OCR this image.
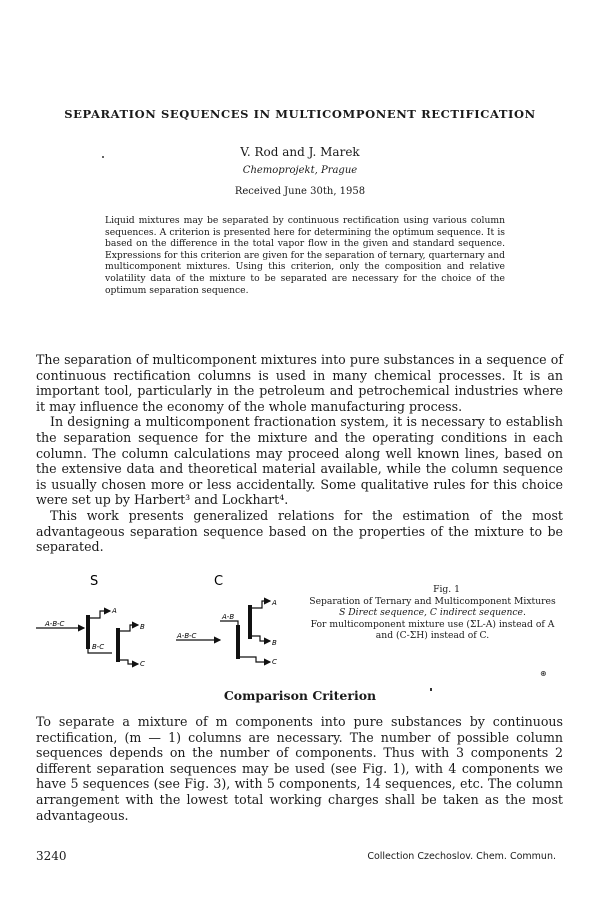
SEPARATION SEQUENCES IN MULTICOMPONENT RECTIFICATION
V. Rod and J. Marek
Chemoprojekt, Prague
Received June 30th, 1958
Liquid mixtures may be separated by continuous rectification using various column sequences. A criterion is presented here for determining the optimum sequence. It is based on the difference in the total vapor flow in the given and standard sequence. Expressions for this criterion are given for the separation of ternary, quarternary and multicomponent mixtures. Using this criterion, only the composition and relative volatility data of the mixture to be separated are necessary for the choice of the optimum separation sequence.

The separation of multicomponent mixtures into pure substances in a sequence of continuous rectification columns is used in many chemical processes. It is an important tool, particularly in the petroleum and petrochemical industries where it may influence the economy of the whole manufacturing process.

In designing a multicomponent fractionation system, it is necessary to establish the separation sequence for the mixture and the operating conditions in each column. The column calculations may proceed along well known lines, based on the extensive data and theoretical material available, while the column sequence is usually chosen more or less accidentally. Some qualitative rules for this choice were set up by Harbert³ and Lockhart⁴.

This work presents generalized relations for the estimation of the most advantageous separation sequence based on the properties of the mixture to be separated.

S
A-B-C
A
B-C
B
C
C
A-B-C
A-B
C
A
B
Fig. 1
Separation of Ternary and Multicomponent Mixtures
S Direct sequence, C indirect sequence.
For multicomponent mixture use (ΣL-A) instead of A and (C-ΣH) instead of C.
⊛
Comparison Criterion

To separate a mixture of m components into pure substances by continuous rectification, (m — 1) columns are necessary. The number of possible column sequences depends on the number of components. Thus with 3 components 2 different separation sequences may be used (see Fig. 1), with 4 components we have 5 sequences (see Fig. 3), with 5 components, 14 sequences, etc. The column arrangement with the lowest total working charges shall be taken as the most advantageous.

3240	Collection Czechoslov. Chem. Commun.
